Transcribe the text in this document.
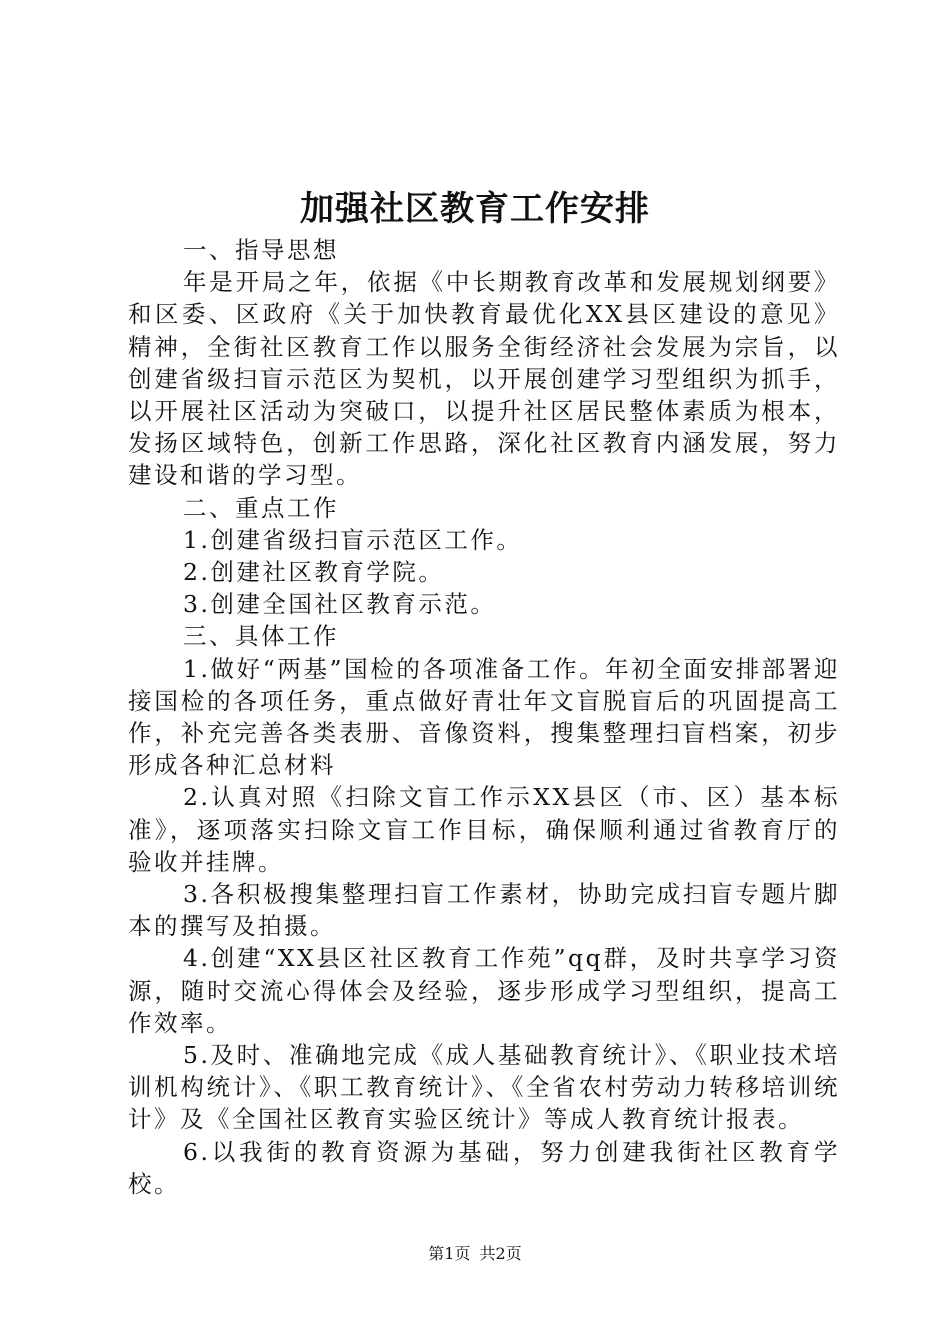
加强社区教育工作安排

一、指导思想

年是开局之年，依据《中长期教育改革和发展规划纲要》和区委、区政府《关于加快教育最优化XX县区建设的意见》精神，全街社区教育工作以服务全街经济社会发展为宗旨，以创建省级扫盲示范区为契机，以开展创建学习型组织为抓手，以开展社区活动为突破口，以提升社区居民整体素质为根本，发扬区域特色，创新工作思路，深化社区教育内涵发展，努力建设和谐的学习型。

二、重点工作

1.创建省级扫盲示范区工作。

2.创建社区教育学院。

3.创建全国社区教育示范。

三、具体工作

1.做好“两基”国检的各项准备工作。年初全面安排部署迎接国检的各项任务，重点做好青壮年文盲脱盲后的巩固提高工作，补充完善各类表册、音像资料，搜集整理扫盲档案，初步形成各种汇总材料

2.认真对照《扫除文盲工作示XX县区（市、区）基本标准》，逐项落实扫除文盲工作目标，确保顺利通过省教育厅的验收并挂牌。

3.各积极搜集整理扫盲工作素材，协助完成扫盲专题片脚本的撰写及拍摄。

4.创建“XX县区社区教育工作苑”qq群，及时共享学习资源，随时交流心得体会及经验，逐步形成学习型组织，提高工作效率。

5.及时、准确地完成《成人基础教育统计》、《职业技术培训机构统计》、《职工教育统计》、《全省农村劳动力转移培训统计》及《全国社区教育实验区统计》等成人教育统计报表。

6.以我街的教育资源为基础，努力创建我街社区教育学校。

第1页 共2页
